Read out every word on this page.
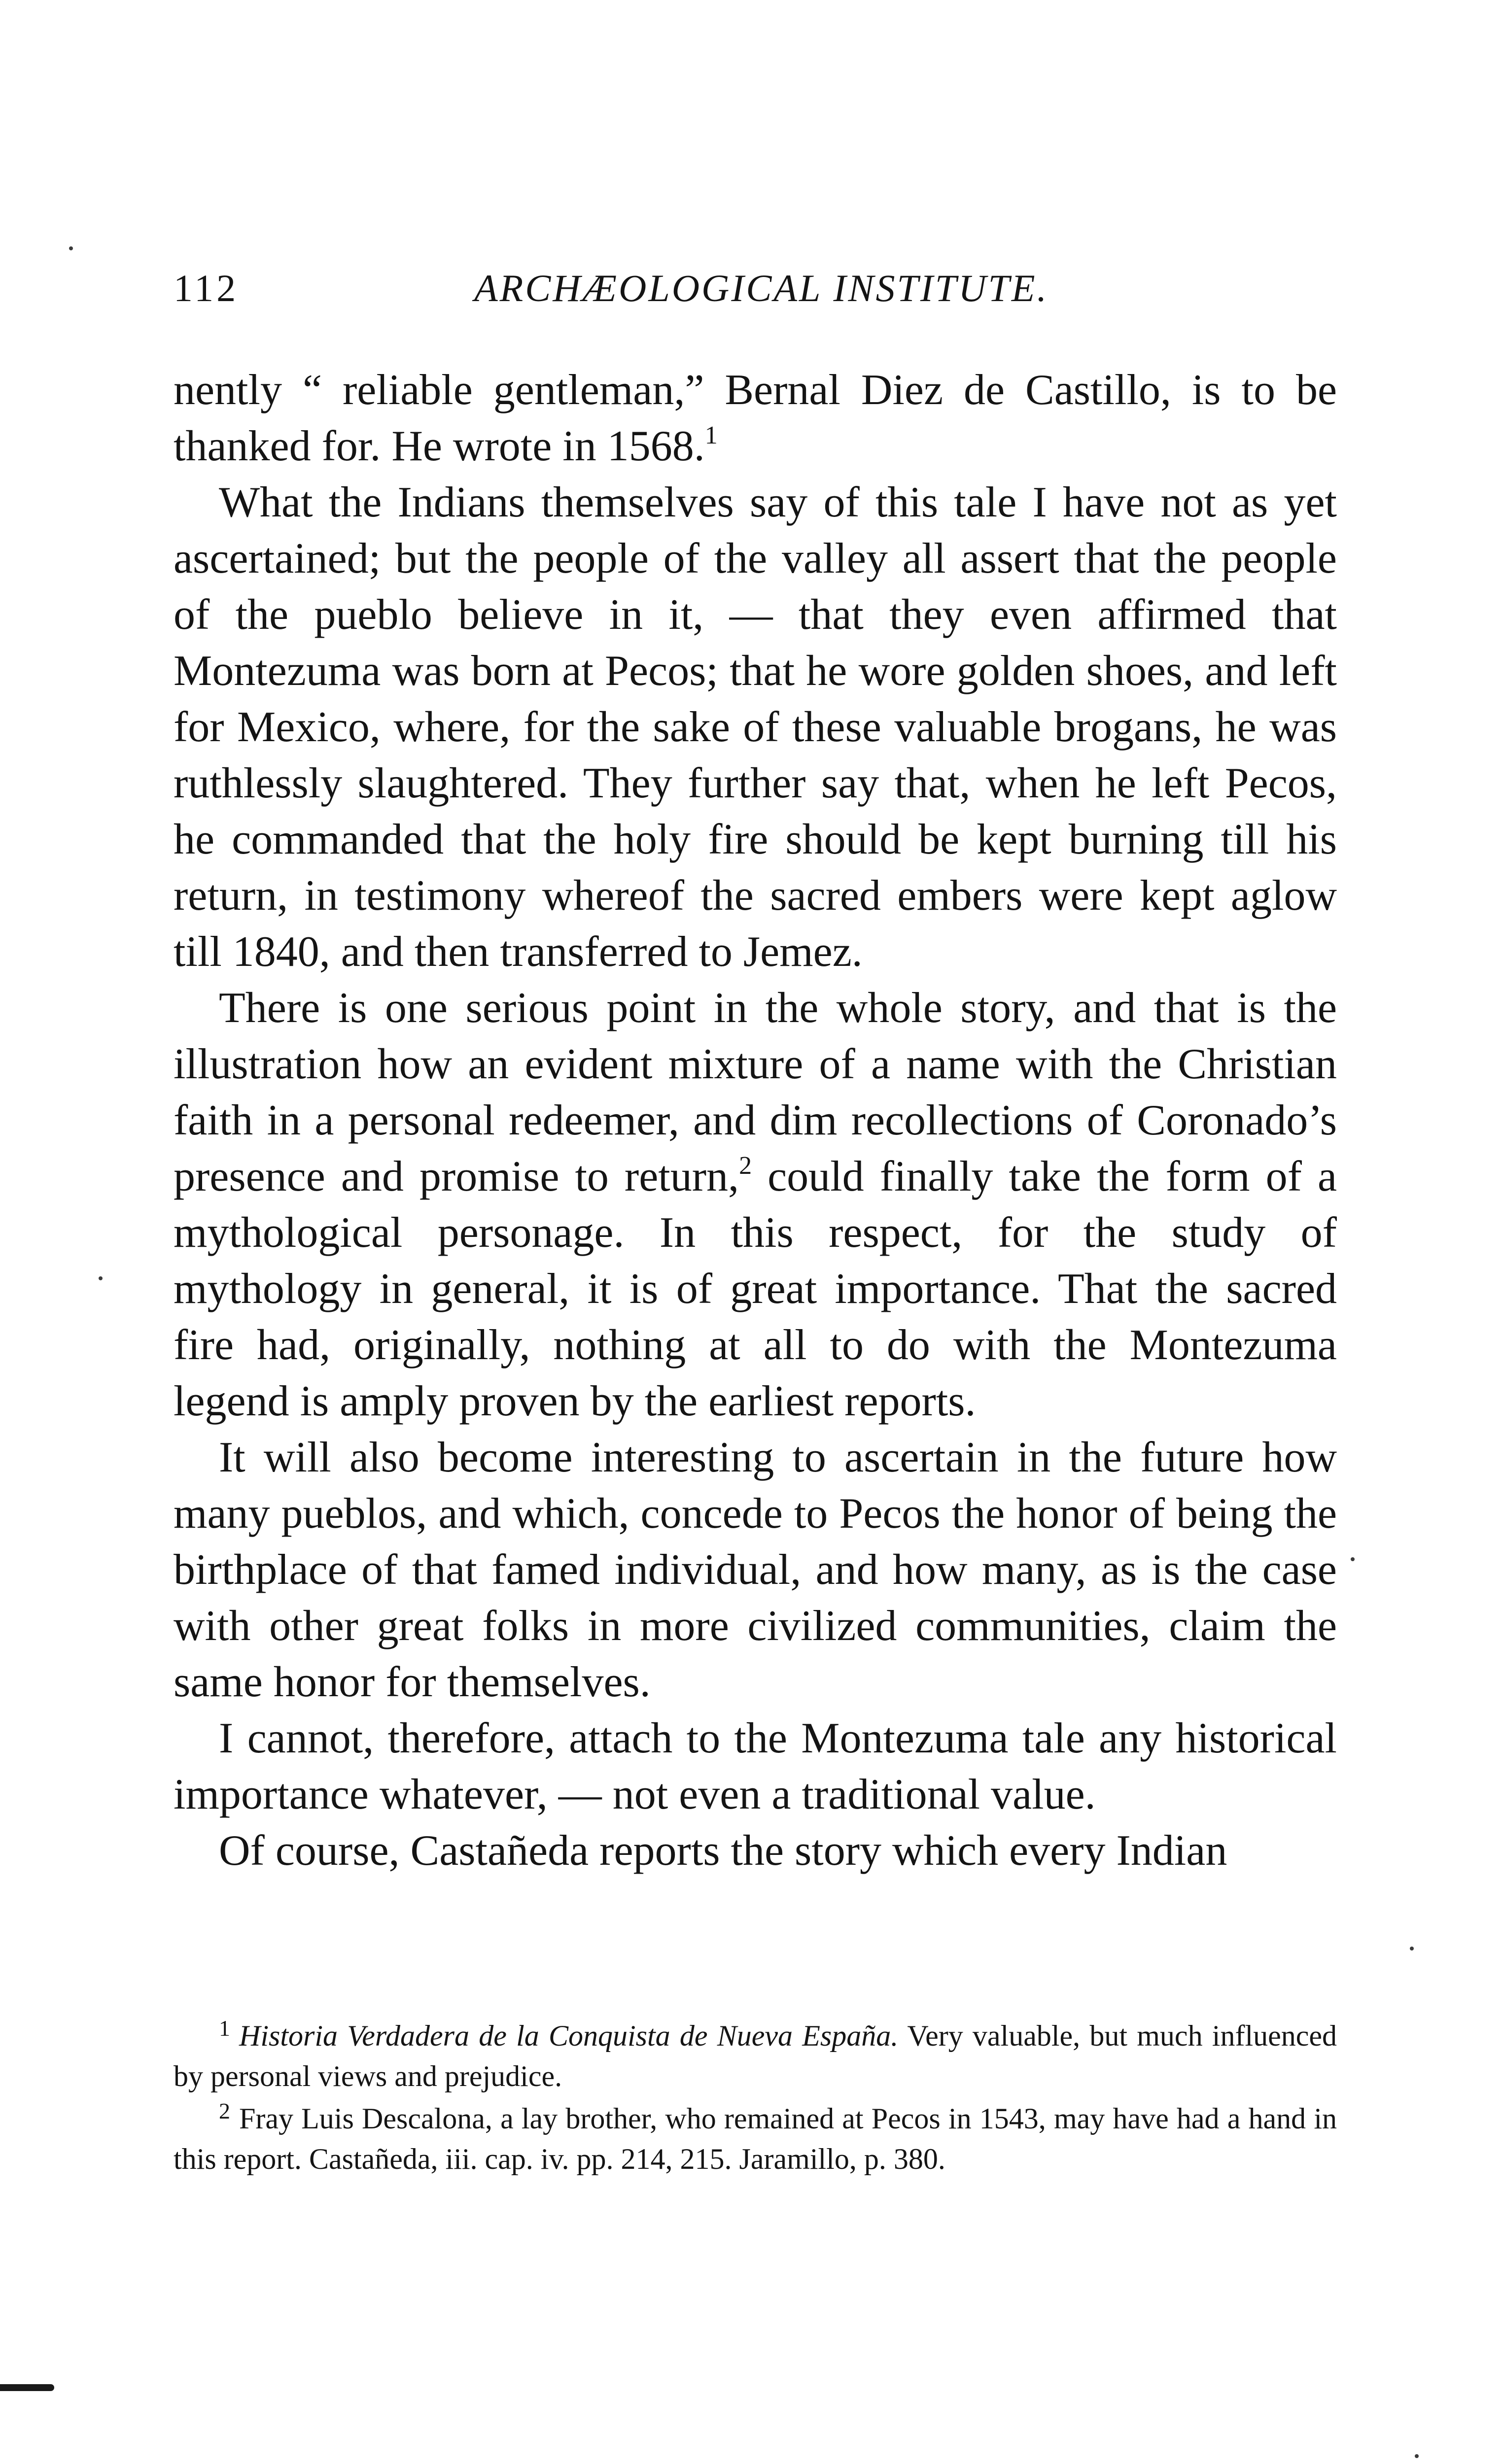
112	ARCHÆOLOGICAL INSTITUTE.

nently “ reliable gentleman,” Bernal Diez de Castillo, is to be thanked for. He wrote in 1568.$^1$

What the Indians themselves say of this tale I have not as yet ascertained; but the people of the valley all assert that the people of the pueblo believe in it, — that they even affirmed that Montezuma was born at Pecos; that he wore golden shoes, and left for Mexico, where, for the sake of these valuable brogans, he was ruthlessly slaughtered. They further say that, when he left Pecos, he commanded that the holy fire should be kept burning till his return, in testimony whereof the sacred embers were kept aglow till 1840, and then transferred to Jemez.

There is one serious point in the whole story, and that is the illustration how an evident mixture of a name with the Christian faith in a personal redeemer, and dim recollections of Coronado’s presence and promise to return,$^2$ could finally take the form of a mythological personage. In this respect, for the study of mythology in general, it is of great importance. That the sacred fire had, originally, nothing at all to do with the Montezuma legend is amply proven by the earliest reports.

It will also become interesting to ascertain in the future how many pueblos, and which, concede to Pecos the honor of being the birthplace of that famed individual, and how many, as is the case with other great folks in more civilized communities, claim the same honor for themselves.

I cannot, therefore, attach to the Montezuma tale any historical importance whatever, — not even a traditional value.

Of course, Castañeda reports the story which every Indian

$^1$ Historia Verdadera de la Conquista de Nueva España. Very valuable, but much influenced by personal views and prejudice.

$^2$ Fray Luis Descalona, a lay brother, who remained at Pecos in 1543, may have had a hand in this report. Castañeda, iii. cap. iv. pp. 214, 215. Jaramillo, p. 380.
